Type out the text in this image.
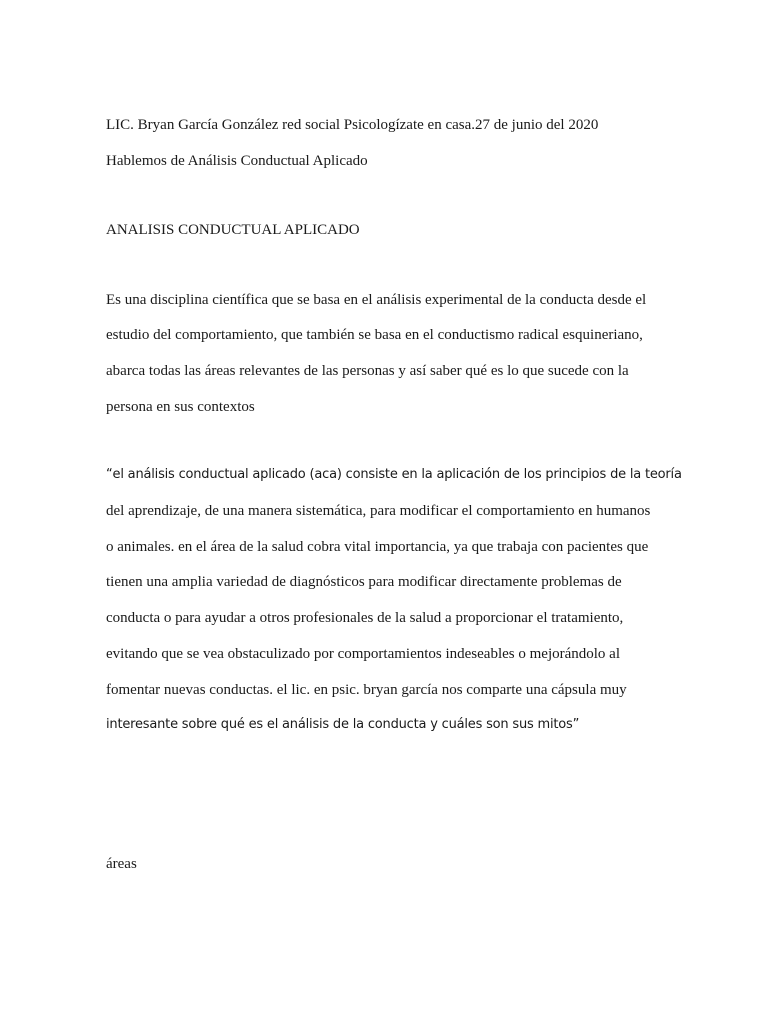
LIC. Bryan García González red social Psicologízate en casa.27 de junio del 2020
Hablemos de Análisis Conductual Aplicado
ANALISIS CONDUCTUAL APLICADO
Es una disciplina científica que se basa en el análisis experimental de la conducta desde el
estudio del comportamiento, que también se basa en el conductismo radical esquineriano,
abarca todas las áreas relevantes de las personas y así saber qué es lo que sucede con la
persona en sus contextos
“el análisis conductual aplicado (aca) consiste en la aplicación de los principios de la teoría
del aprendizaje, de una manera sistemática, para modificar el comportamiento en humanos
o animales. en el área de la salud cobra vital importancia, ya que trabaja con pacientes que
tienen una amplia variedad de diagnósticos para modificar directamente problemas de
conducta o para ayudar a otros profesionales de la salud a proporcionar el tratamiento,
evitando que se vea obstaculizado por comportamientos indeseables o mejorándolo al
fomentar nuevas conductas. el lic. en psic. bryan garcía nos comparte una cápsula muy
interesante sobre qué es el análisis de la conducta y cuáles son sus mitos”
áreas
